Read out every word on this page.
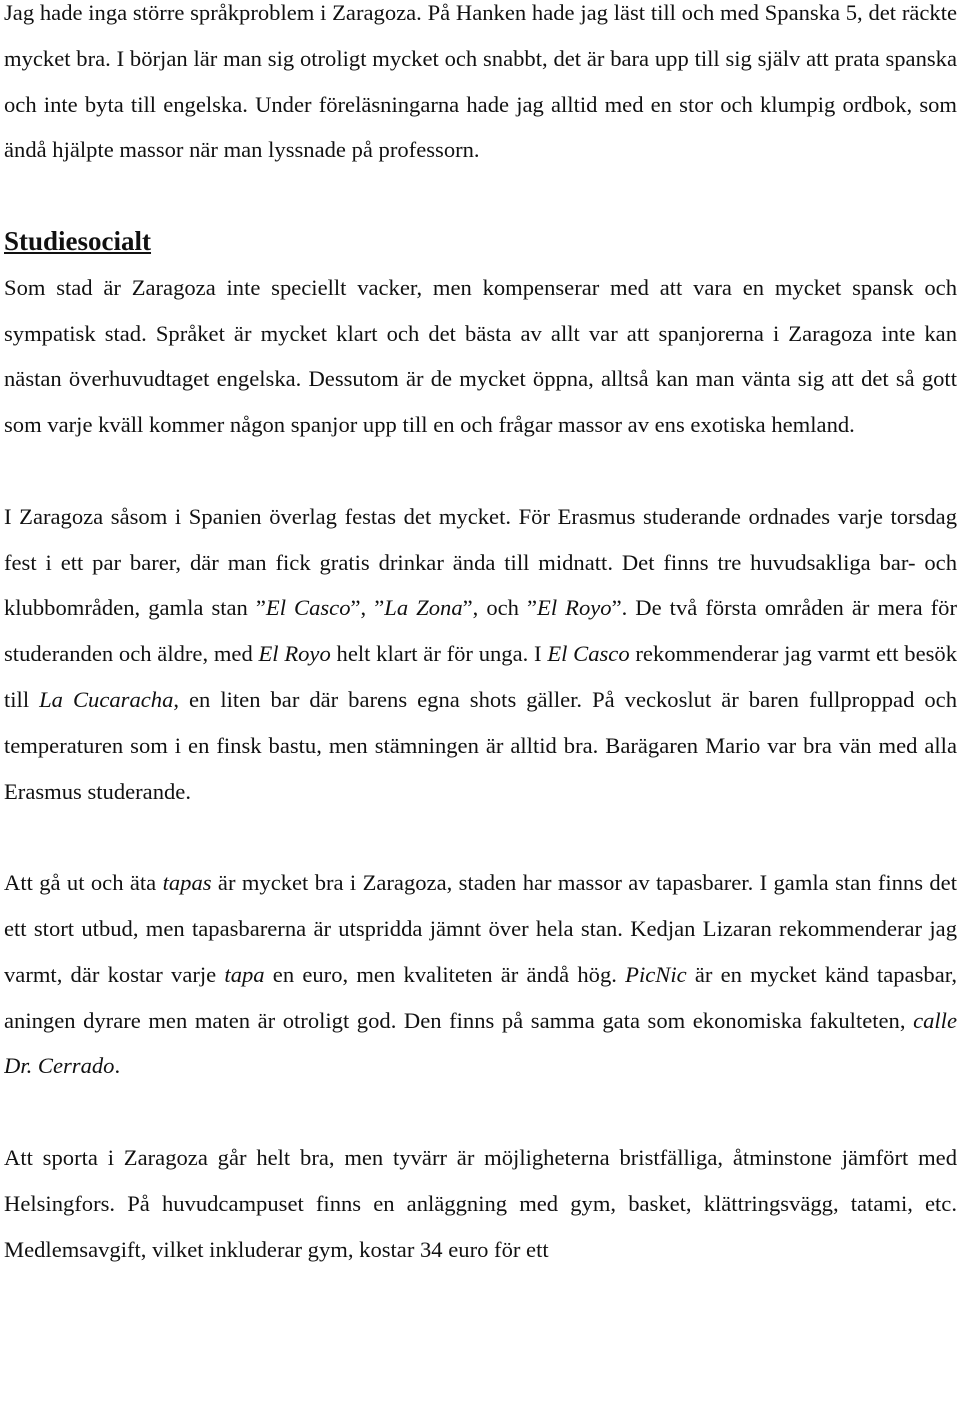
Jag hade inga större språkproblem i Zaragoza. På Hanken hade jag läst till och med Spanska 5, det räckte mycket bra. I början lär man sig otroligt mycket och snabbt, det är bara upp till sig själv att prata spanska och inte byta till engelska. Under föreläsningarna hade jag alltid med en stor och klumpig ordbok, som ändå hjälpte massor när man lyssnade på professorn.

Studiesocialt

Som stad är Zaragoza inte speciellt vacker, men kompenserar med att vara en mycket spansk och sympatisk stad. Språket är mycket klart och det bästa av allt var att spanjorerna i Zaragoza inte kan nästan överhuvudtaget engelska. Dessutom är de mycket öppna, alltså kan man vänta sig att det så gott som varje kväll kommer någon spanjor upp till en och frågar massor av ens exotiska hemland.

I Zaragoza såsom i Spanien överlag festas det mycket. För Erasmus studerande ordnades varje torsdag fest i ett par barer, där man fick gratis drinkar ända till midnatt. Det finns tre huvudsakliga bar- och klubbområden, gamla stan ”El Casco”, ”La Zona”, och ”El Royo”. De två första områden är mera för studeranden och äldre, med El Royo helt klart är för unga. I El Casco rekommenderar jag varmt ett besök till La Cucaracha, en liten bar där barens egna shots gäller. På veckoslut är baren fullproppad och temperaturen som i en finsk bastu, men stämningen är alltid bra. Barägaren Mario var bra vän med alla Erasmus studerande.

Att gå ut och äta tapas är mycket bra i Zaragoza, staden har massor av tapasbarer. I gamla stan finns det ett stort utbud, men tapasbarerna är utspridda jämnt över hela stan. Kedjan Lizaran rekommenderar jag varmt, där kostar varje tapa en euro, men kvaliteten är ändå hög. PicNic är en mycket känd tapasbar, aningen dyrare men maten är otroligt god. Den finns på samma gata som ekonomiska fakulteten, calle Dr. Cerrado.

Att sporta i Zaragoza går helt bra, men tyvärr är möjligheterna bristfälliga, åtminstone jämfört med Helsingfors. På huvudcampuset finns en anläggning med gym, basket, klättringsvägg, tatami, etc. Medlemsavgift, vilket inkluderar gym, kostar 34 euro för ett
